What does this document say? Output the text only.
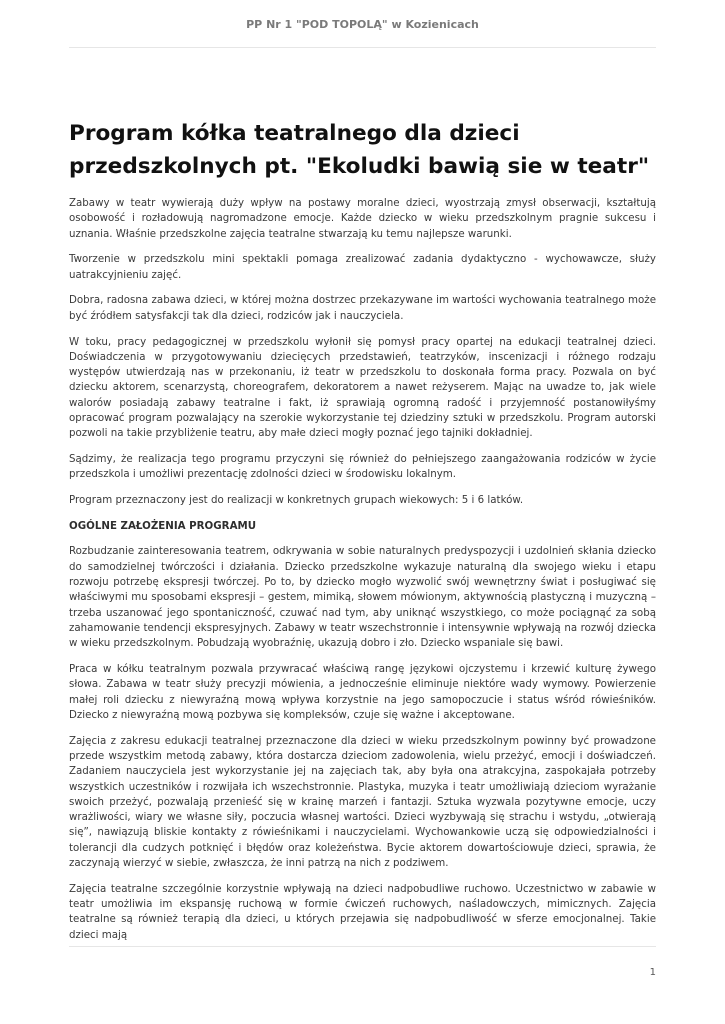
PP Nr 1 "POD TOPOLĄ" w Kozienicach
Program kółka teatralnego dla dzieci przedszkolnych pt. "Ekoludki bawią sie w teatr"

Zabawy w teatr wywierają duży wpływ na postawy moralne dzieci, wyostrzają zmysł obserwacji, kształtują osobowość i rozładowują nagromadzone emocje. Każde dziecko w wieku przedszkolnym pragnie sukcesu i uznania. Właśnie przedszkolne zajęcia teatralne stwarzają ku temu najlepsze warunki.

Tworzenie w przedszkolu mini spektakli pomaga zrealizować zadania dydaktyczno - wychowawcze, służy uatrakcyjnieniu zajęć.

Dobra, radosna zabawa dzieci, w której można dostrzec przekazywane im wartości wychowania teatralnego może być źródłem satysfakcji tak dla dzieci, rodziców jak i nauczyciela.

W toku, pracy pedagogicznej w przedszkolu wyłonił się pomysł pracy opartej na edukacji teatralnej dzieci. Doświadczenia w przygotowywaniu dziecięcych przedstawień, teatrzyków, inscenizacji i różnego rodzaju występów utwierdzają nas w przekonaniu, iż teatr w przedszkolu to doskonała forma pracy. Pozwala on być dziecku aktorem, scenarzystą, choreografem, dekoratorem a nawet reżyserem. Mając na uwadze to, jak wiele walorów posiadają zabawy teatralne i fakt, iż sprawiają ogromną radość i przyjemność postanowiłyśmy opracować program pozwalający na szerokie wykorzystanie tej dziedziny sztuki w przedszkolu. Program autorski pozwoli na takie przybliżenie teatru, aby małe dzieci mogły poznać jego tajniki dokładniej.

Sądzimy, że realizacja tego programu przyczyni się również do pełniejszego zaangażowania rodziców w życie przedszkola i umożliwi prezentację zdolności dzieci w środowisku lokalnym.

Program przeznaczony jest do realizacji w konkretnych grupach wiekowych: 5 i 6 latków.

OGÓLNE ZAŁOŻENIA PROGRAMU

Rozbudzanie zainteresowania teatrem, odkrywania w sobie naturalnych predyspozycji i uzdolnień skłania dziecko do samodzielnej twórczości i działania. Dziecko przedszkolne wykazuje naturalną dla swojego wieku i etapu rozwoju potrzebę ekspresji twórczej. Po to, by dziecko mogło wyzwolić swój wewnętrzny świat i posługiwać się właściwymi mu sposobami ekspresji – gestem, mimiką, słowem mówionym, aktywnością plastyczną i muzyczną – trzeba uszanować jego spontaniczność, czuwać nad tym, aby uniknąć wszystkiego, co może pociągnąć za sobą zahamowanie tendencji ekspresyjnych. Zabawy w teatr wszechstronnie i intensywnie wpływają na rozwój dziecka w wieku przedszkolnym. Pobudzają wyobraźnię, ukazują dobro i zło. Dziecko wspaniale się bawi.

Praca w kółku teatralnym pozwala przywracać właściwą rangę językowi ojczystemu i krzewić kulturę żywego słowa. Zabawa w teatr służy precyzji mówienia, a jednocześnie eliminuje niektóre wady wymowy. Powierzenie małej roli dziecku z niewyraźną mową wpływa korzystnie na jego samopoczucie i status wśród rówieśników. Dziecko z niewyraźną mową pozbywa się kompleksów, czuje się ważne i akceptowane.

Zajęcia z zakresu edukacji teatralnej przeznaczone dla dzieci w wieku przedszkolnym powinny być prowadzone przede wszystkim metodą zabawy, która dostarcza dzieciom zadowolenia, wielu przeżyć, emocji i doświadczeń. Zadaniem nauczyciela jest wykorzystanie jej na zajęciach tak, aby była ona atrakcyjna, zaspokajała potrzeby wszystkich uczestników i rozwijała ich wszechstronnie. Plastyka, muzyka i teatr umożliwiają dzieciom wyrażanie swoich przeżyć, pozwalają przenieść się w krainę marzeń i fantazji. Sztuka wyzwala pozytywne emocje, uczy wrażliwości, wiary we własne siły, poczucia własnej wartości. Dzieci wyzbywają się strachu i wstydu, „otwierają się”, nawiązują bliskie kontakty z rówieśnikami i nauczycielami. Wychowankowie uczą się odpowiedzialności i tolerancji dla cudzych potknięć i błędów oraz koleżeństwa. Bycie aktorem dowartościowuje dzieci, sprawia, że zaczynają wierzyć w siebie, zwłaszcza, że inni patrzą na nich z podziwem.

Zajęcia teatralne szczególnie korzystnie wpływają na dzieci nadpobudliwe ruchowo. Uczestnictwo w zabawie w teatr umożliwia im ekspansję ruchową w formie ćwiczeń ruchowych, naśladowczych, mimicznych. Zajęcia teatralne są również terapią dla dzieci, u których przejawia się nadpobudliwość w sferze emocjonalnej. Takie dzieci mają

1
